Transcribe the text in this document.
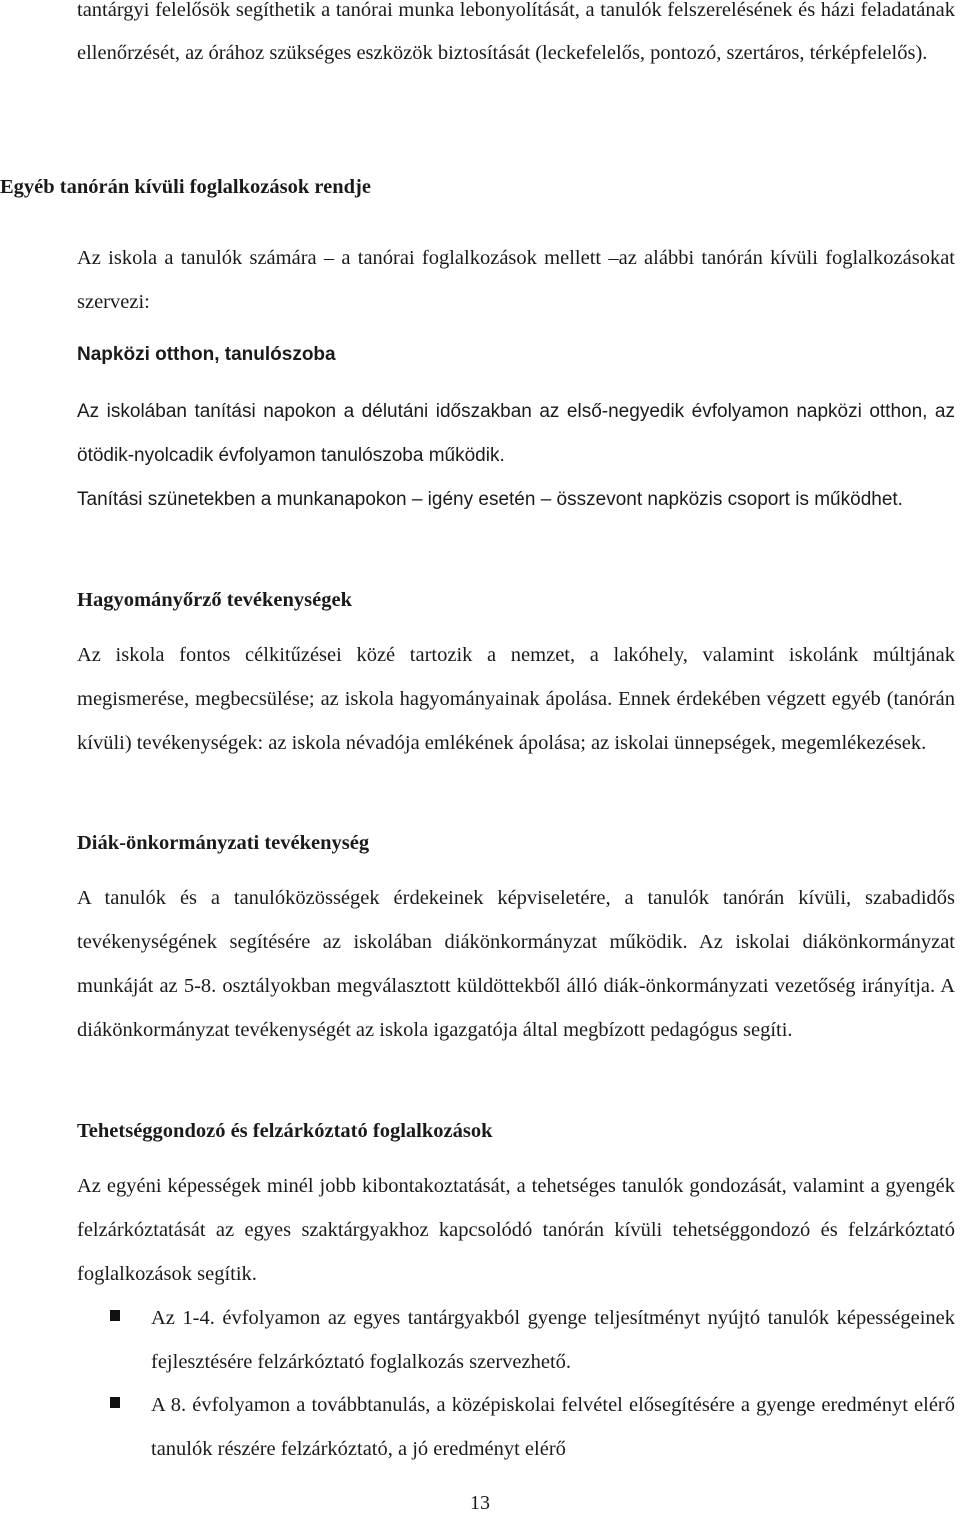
tantárgyi felelősök segíthetik a tanórai munka lebonyolítását, a tanulók felszerelésének és házi feladatának ellenőrzését, az órához szükséges eszközök biztosítását (leckefelelős, pontozó, szertáros, térképfelelős).

Egyéb tanórán kívüli foglalkozások rendje

Az iskola a tanulók számára – a tanórai foglalkozások mellett –az alábbi tanórán kívüli foglalkozásokat szervezi:

Napközi otthon, tanulószoba

Az iskolában tanítási napokon a délutáni időszakban az első-negyedik évfolyamon napközi otthon, az ötödik-nyolcadik évfolyamon tanulószoba működik.

Tanítási szünetekben a munkanapokon – igény esetén – összevont napközis csoport is működhet.

Hagyományőrző tevékenységek

Az iskola fontos célkitűzései közé tartozik a nemzet, a lakóhely, valamint iskolánk múltjának megismerése, megbecsülése; az iskola hagyományainak ápolása. Ennek érdekében végzett egyéb (tanórán kívüli) tevékenységek: az iskola névadója emlékének ápolása; az iskolai ünnepségek, megemlékezések.

Diák-önkormányzati tevékenység

A tanulók és a tanulóközösségek érdekeinek képviseletére, a tanulók tanórán kívüli, szabadidős tevékenységének segítésére az iskolában diákönkormányzat működik. Az iskolai diákönkormányzat munkáját az 5-8. osztályokban megválasztott küldöttekből álló diák-önkormányzati vezetőség irányítja. A diákönkormányzat tevékenységét az iskola igazgatója által megbízott pedagógus segíti.

Tehetséggondozó és felzárkóztató foglalkozások

Az egyéni képességek minél jobb kibontakoztatását, a tehetséges tanulók gondozását, valamint a gyengék felzárkóztatását az egyes szaktárgyakhoz kapcsolódó tanórán kívüli tehetséggondozó és felzárkóztató foglalkozások segítik.

Az 1-4. évfolyamon az egyes tantárgyakból gyenge teljesítményt nyújtó tanulók képességeinek fejlesztésére felzárkóztató foglalkozás szervezhető.

A 8. évfolyamon a továbbtanulás, a középiskolai felvétel elősegítésére a gyenge eredményt elérő tanulók részére felzárkóztató, a jó eredményt elérő

13
